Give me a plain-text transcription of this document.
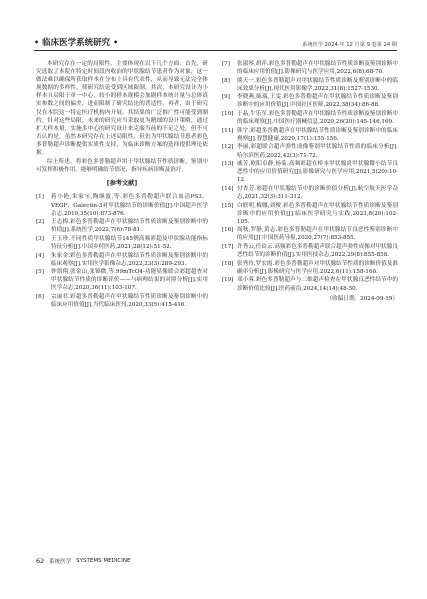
• 临床医学系统研究 •	系统医学 2024 年 12 月第 9 卷第 24 期

本研究存在一定的局限性，主要体现在以下几个方面：首先，研究选取了本院在特定时间段内收治的甲状腺结节患者作为对象，这一做法难以确保所获取样本在分布上具有代表性，从而导致无法完全体现数据的多样性，使研究结论受到区域限制。其次，本研究设计为小样本且局限于单一中心，较小的样本规模会加剧样本统计量与总体真实参数之间的偏差，进而限制了研究结论的普适性。再者，由于研究仅在本院这一特定医疗机构内开展，其结果的广泛推广性可能受到制约。针对这些局限，未来的研究应当采取更为精细的设计策略，通过扩大样本量，实施多中心的研究设计来克服当前的不足之处。但不可否认的是，虽然本研究存在上述局限性，但仍为甲状腺结节患者彩色多普勒超声诊断提供实质性支持，为临床诊断方案的选择提供理论依据。

综上所述，将彩色多普勒超声用于甲状腺结节性质诊断，鉴别中可发挥积极作用，能够明确结节情况，指导疾病诊断及治疗。

[参考文献]
[1]	蒋小艳,朱家宝,陶继波,等.彩色多普勒超声联合血清PS3、VEGF、Galectin-3对甲状腺结节的诊断价值[J].中国超声医学杂志,2019,35(10):873-876.
[2]	王志梅.彩色多普勒超声在甲状腺结节性质诊断及鉴别诊断中的价值[J].系统医学,2022,7(6):78-81.
[3]	王玉珍.不同性质甲状腺结节145例高频彩超及甲状腺功能指标特征分析[J].中国乡村医药,2021,28(12):51-52.
[4]	朱家金.彩色多普勒超声在甲状腺结节性质诊断及鉴别诊断中的临床观察[J].实用医学影像杂志,2022,23(3):289-293.
[5]	钟凯翔,张金山,张锦微,等.99mTcO4-功能显像联合彩超超查对甲状腺结节性质的诊断评价——与病理结果的对照分析[J].实用医学杂志,2020,36(11):103-107.
[6]	宗丽君.彩超多普勒超声在甲状腺结节性质诊断及鉴别诊断中的临床应用价值[J].当代临床医刊,2020,33(5):415-416.
[7]	张淑琴,胡萍.彩色多普勒超声在甲状腺结节性质诊断及鉴别诊断中的临床应用价值[J].影像研究与医学应用,2022,6(8):68-70.
[8]	熊天一.彩色多普勒超声对甲状腺结节性质诊断及鉴别诊断中的临床效果分析[J].现代医用影像学,2022,31(8):1527-1530.
[9]	李晓燕,陈瑞,王雯.彩色多普勒超声在甲状腺结节性质诊断及鉴别诊断中的应用价值[J].中国社区医师,2022,38(34):86-88.
[10] 于晶,牛乐军.彩色多普勒超声在甲状腺结节性质诊断及鉴别诊断中的临床观察[J].中国医疗器械信息,2020,26(20):145-146,169.
[11] 韩宇.彩超多普勒超声在甲状腺结节性质诊断及鉴别诊断中的临床观察[J].智慧健康,2020,17(1):155-156.
[12] 李丽.彩超联合超声弹性成像鉴别甲状腺结节性质的临床分析[J].哈尔滨医药,2022,42(3):71-72.
[13] 戚芳,欧阳卓静,杨菊.高频彩超在桥本甲状腺炎甲状腺微小结节良恶性中的应用价值研究[J].影像研究与医学应用,2021,5(20):10-12.
[14] 付杏芳.彩超在甲状腺结节中的诊断价值分析[J].航空航天医学杂志,2021,32(3):311-312.
[15] 白联明,梅娜,刘俊.彩色多普勒超声在甲状腺结节性质诊断及鉴别诊断中的应用价值[J].临床医学研究与实践,2023,8(20):102-105.
[16] 周秋,罗静,黄志.彩色多普勒超声在甲状腺结节良恶性鉴别诊断中的应用[J].中国医药导报,2020,27(7):853-855.
[17] 许秀云,任由云.高频彩色多普勒超声联合超声弹性成像对甲状腺良恶性结节的诊断价值[J].实用医技杂志,2022,29(8):855-858.
[18] 张秀玲,罗宏霞.彩色多普勒超声对甲状腺结节性质的诊断价值及准确率分析[J].影像研究与医学应用,2022,6(11):158-160.
[19] 邓小蓉.彩色多普勒超声与二维超声检查在甲状腺良恶性结节中的诊断价值比较[J].医药前沿,2024,14(14):48-50.
（收稿日期：2024-09-19）
62 系统医学 SYSTEMS MEDICINE
